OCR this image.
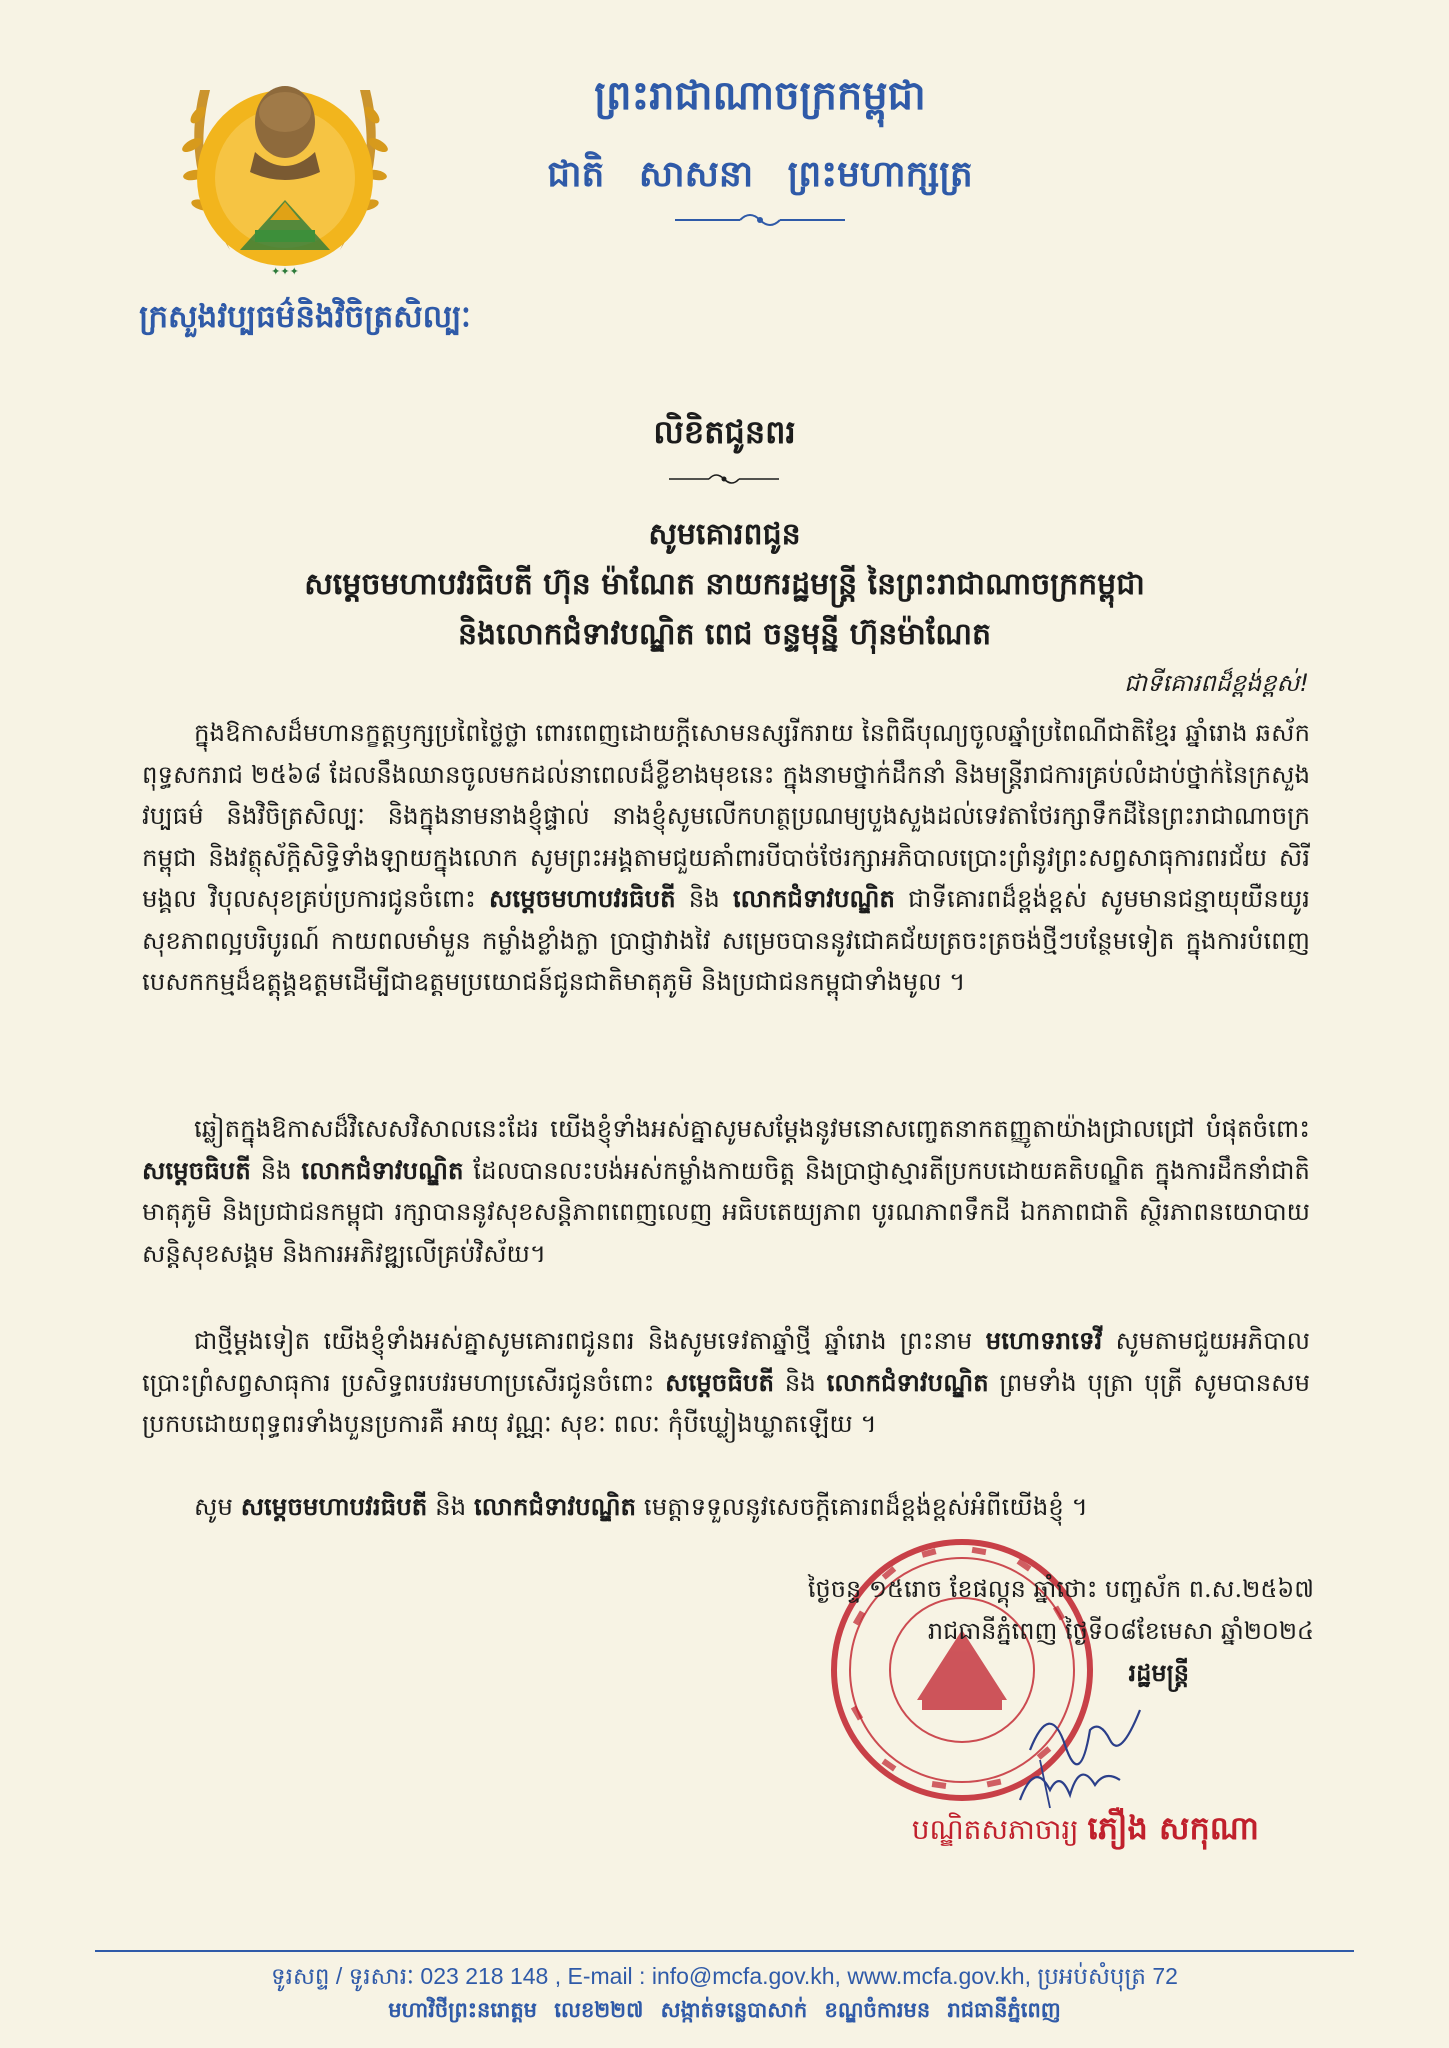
✦✦✦
ក្រសួងវប្បធម៌និងវិចិត្រសិល្បៈ
ព្រះរាជាណាចក្រកម្ពុជា
ជាតិ សាសនា ព្រះមហាក្សត្រ
លិខិតជូនពរ
សូមគោរពជូន
សម្តេចមហាបវរធិបតី ហ៊ុន ម៉ាណែត នាយករដ្ឋមន្រ្តី នៃព្រះរាជាណាចក្រកម្ពុជា
និងលោកជំទាវបណ្ឌិត ពេជ ចន្ទមុន្នី ហ៊ុនម៉ាណែត
ជាទីគោរពដ៏ខ្ពង់ខ្ពស់!
ក្នុងឱកាសដ៏មហានក្ខត្តឫក្សប្រពៃថ្លៃថ្លា ពោរពេញដោយក្តីសោមនស្សរីករាយ នៃពិធីបុណ្យចូលឆ្នាំប្រពៃណីជាតិខ្មែរ ឆ្នាំរោង ឆស័ក ពុទ្ធសករាជ ២៥៦៨ ដែលនឹងឈានចូលមកដល់នាពេលដ៏ខ្លីខាងមុខនេះ ក្នុងនាមថ្នាក់ដឹកនាំ និងមន្ត្រីរាជការគ្រប់លំដាប់ថ្នាក់នៃក្រសួងវប្បធម៌ និងវិចិត្រសិល្បៈ និងក្នុងនាមនាងខ្ញុំផ្ទាល់ នាងខ្ញុំសូមលើកហត្ថប្រណម្យបួងសួងដល់ទេវតាថែរក្សាទឹកដីនៃព្រះរាជាណាចក្រកម្ពុជា និងវត្ថុស័ក្តិសិទ្ធិទាំងឡាយក្នុងលោក សូមព្រះអង្គតាមជួយគាំពារបីបាច់ថែរក្សាអភិបាលប្រោះព្រំនូវព្រះសព្វសាធុការពរជ័យ សិរីមង្គល វិបុលសុខគ្រប់ប្រការជូនចំពោះ សម្តេចមហាបវរធិបតី និង លោកជំទាវបណ្ឌិត ជាទីគោរពដ៏ខ្ពង់ខ្ពស់ សូមមានជន្មាយុយឺនយូរ សុខភាពល្អបរិបូរណ៍ កាយពលមាំមួន កម្លាំងខ្លាំងក្លា ប្រាជ្ញាវាងវៃ សម្រេចបាននូវជោគជ័យត្រចះត្រចង់ថ្មីៗបន្ថែមទៀត ក្នុងការបំពេញបេសកកម្មដ៏ឧត្តុង្គឧត្តមដើម្បីជាឧត្តមប្រយោជន៍ជូនជាតិមាតុភូមិ និងប្រជាជនកម្ពុជាទាំងមូល ។
ឆ្លៀតក្នុងឱកាសដ៏វិសេសវិសាលនេះដែរ យើងខ្ញុំទាំងអស់គ្នាសូមសម្តែងនូវមនោសញ្ចេតនាកតញ្ញូតាយ៉ាងជ្រាលជ្រៅ បំផុតចំពោះ សម្តេចធិបតី និង លោកជំទាវបណ្ឌិត ដែលបានលះបង់អស់កម្លាំងកាយចិត្ត និងប្រាជ្ញាស្មារតីប្រកបដោយគតិបណ្ឌិត ក្នុងការដឹកនាំជាតិមាតុភូមិ និងប្រជាជនកម្ពុជា រក្សាបាននូវសុខសន្តិភាពពេញលេញ អធិបតេយ្យភាព បូរណភាពទឹកដី ឯកភាពជាតិ ស្ថិរភាពនយោបាយ សន្តិសុខសង្គម និងការអភិវឌ្ឍលើគ្រប់វិស័យ។
ជាថ្មីម្តងទៀត យើងខ្ញុំទាំងអស់គ្នាសូមគោរពជូនពរ និងសូមទេវតាឆ្នាំថ្មី ឆ្នាំរោង ព្រះនាម មហោទរាទេវី សូមតាមជួយអភិបាលប្រោះព្រំសព្វសាធុការ ប្រសិទ្ធពរបវរមហាប្រសើរជូនចំពោះ សម្តេចធិបតី និង លោកជំទាវបណ្ឌិត ព្រមទាំង បុត្រា បុត្រី សូមបានសមប្រកបដោយពុទ្ធពរទាំងបួនប្រការគឺ អាយុ វណ្ណៈ សុខៈ ពលៈ កុំបីឃ្លៀងឃ្លាតឡើយ ។
សូម សម្តេចមហាបវរធិបតី និង លោកជំទាវបណ្ឌិត មេត្តាទទួលនូវសេចក្តីគោរពដ៏ខ្ពង់ខ្ពស់អំពីយើងខ្ញុំ ។
ថ្ងៃចន្ទ ១៥រោច ខែផល្គុន ឆ្នាំថោះ បញ្ចស័ក ព.ស.២៥៦៧
រាជធានីភ្នំពេញ ថ្ងៃទី០៨ខែមេសា ឆ្នាំ២០២៤
រដ្ឋមន្ត្រី
បណ្ឌិតសភាចារ្យ ភឿង សកុណា
ទូរសព្ទ / ទូរសារៈ 023 218 148 , E-mail : info@mcfa.gov.kh, www.mcfa.gov.kh, ប្រអប់សំបុត្រ 72
មហាវិថីព្រះនរោត្តម លេខ២២៧ សង្កាត់ទន្លេបាសាក់ ខណ្ឌចំការមន រាជធានីភ្នំពេញ
